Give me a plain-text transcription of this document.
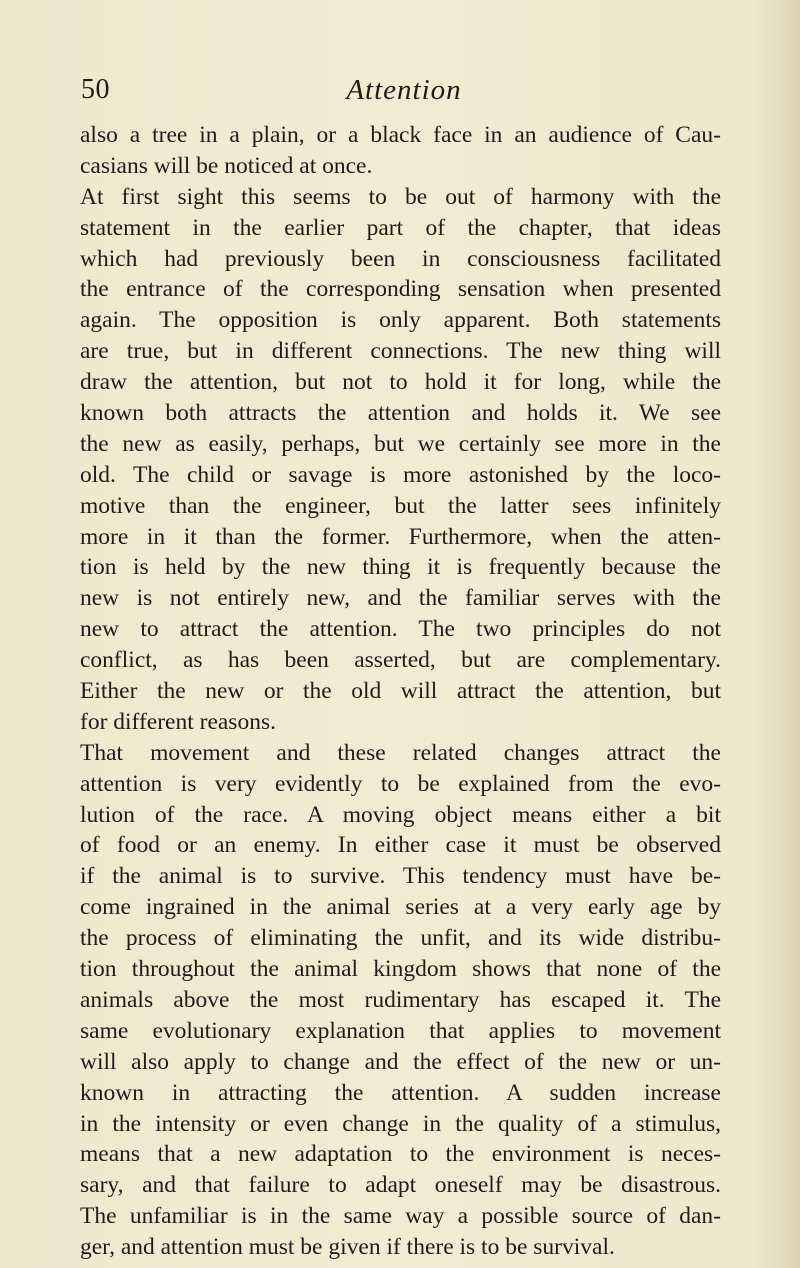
50	Attention
also a tree in a plain, or a black face in an audience of Cau-
casians will be noticed at once.
At first sight this seems to be out of harmony with the
statement in the earlier part of the chapter, that ideas
which had previously been in consciousness facilitated
the entrance of the corresponding sensation when presented
again. The opposition is only apparent. Both statements
are true, but in different connections. The new thing will
draw the attention, but not to hold it for long, while the
known both attracts the attention and holds it. We see
the new as easily, perhaps, but we certainly see more in the
old. The child or savage is more astonished by the loco-
motive than the engineer, but the latter sees infinitely
more in it than the former. Furthermore, when the atten-
tion is held by the new thing it is frequently because the
new is not entirely new, and the familiar serves with the
new to attract the attention. The two principles do not
conflict, as has been asserted, but are complementary.
Either the new or the old will attract the attention, but
for different reasons.
That movement and these related changes attract the
attention is very evidently to be explained from the evo-
lution of the race. A moving object means either a bit
of food or an enemy. In either case it must be observed
if the animal is to survive. This tendency must have be-
come ingrained in the animal series at a very early age by
the process of eliminating the unfit, and its wide distribu-
tion throughout the animal kingdom shows that none of the
animals above the most rudimentary has escaped it. The
same evolutionary explanation that applies to movement
will also apply to change and the effect of the new or un-
known in attracting the attention. A sudden increase
in the intensity or even change in the quality of a stimulus,
means that a new adaptation to the environment is neces-
sary, and that failure to adapt oneself may be disastrous.
The unfamiliar is in the same way a possible source of dan-
ger, and attention must be given if there is to be survival.
